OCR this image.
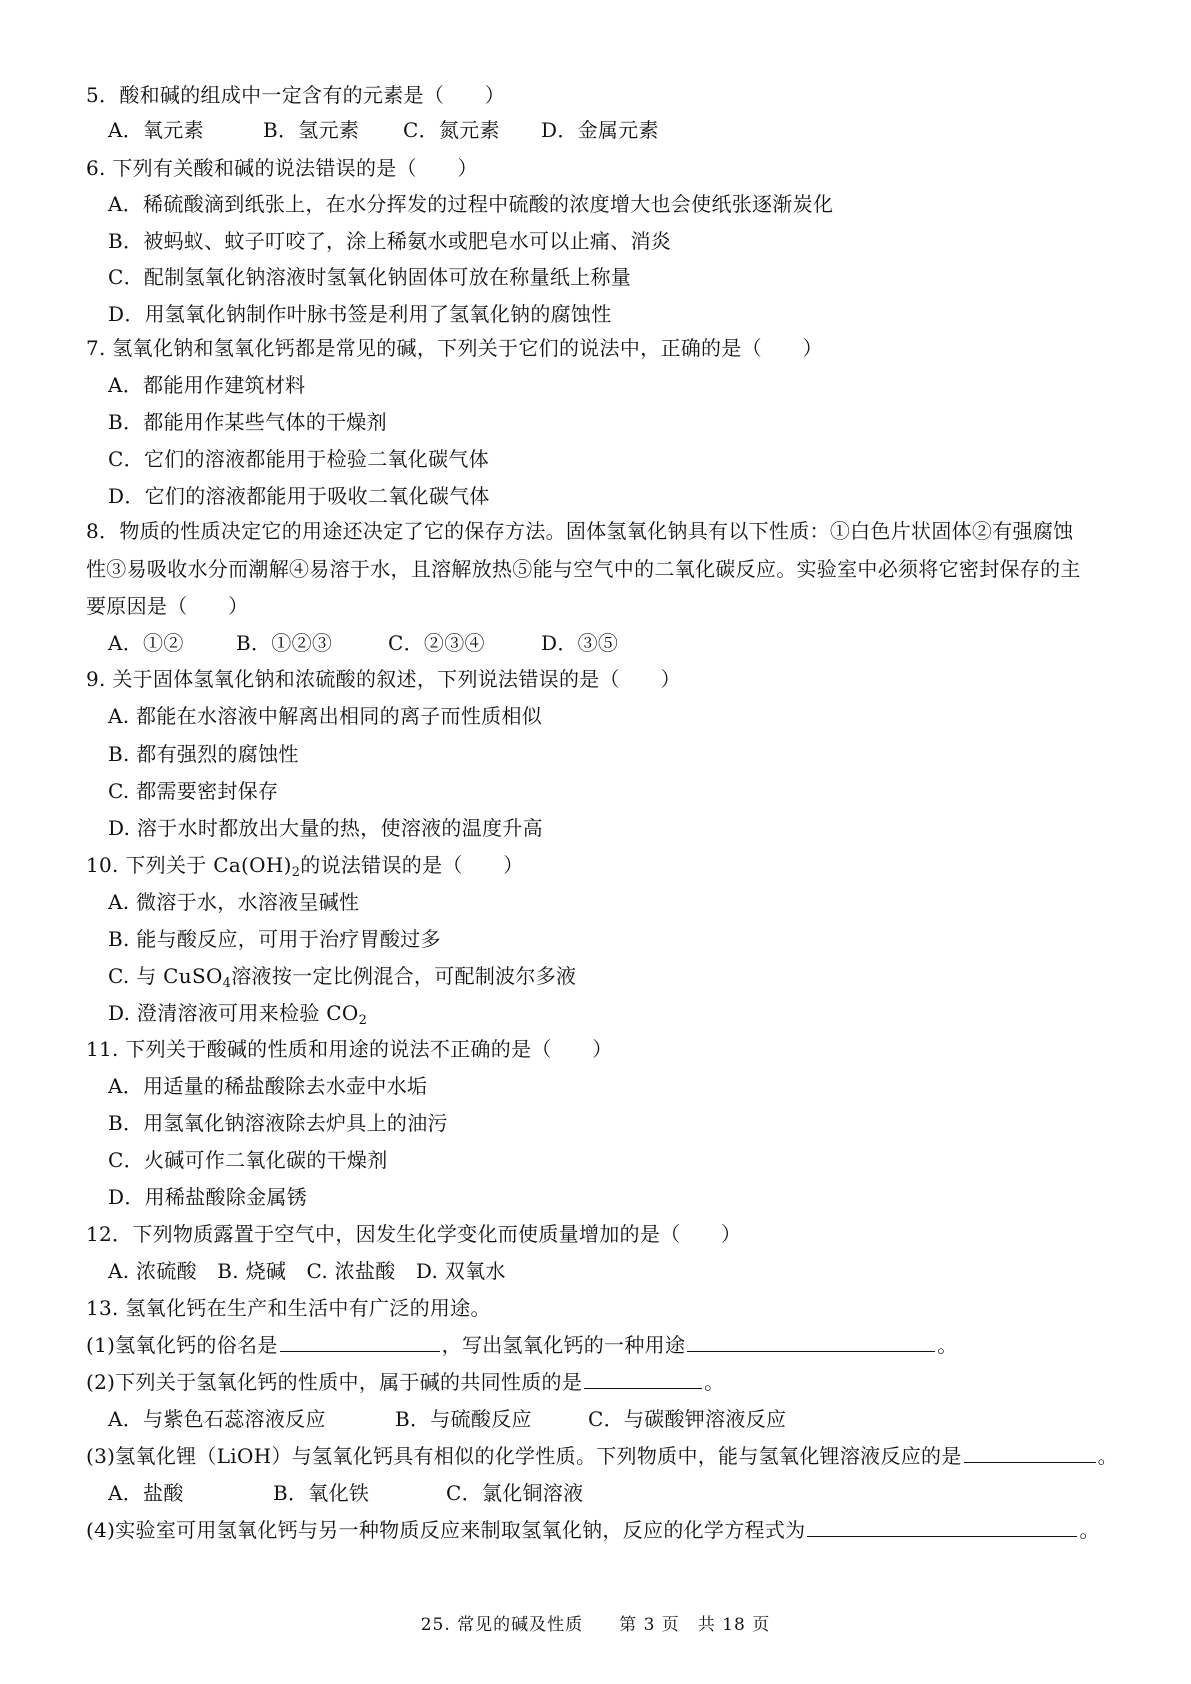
5．酸和碱的组成中一定含有的元素是（　　）
A．氧元素	B．氢元素 C．氮元素 D．金属元素
6. 下列有关酸和碱的说法错误的是（　　）
A．稀硫酸滴到纸张上，在水分挥发的过程中硫酸的浓度增大也会使纸张逐渐炭化
B．被蚂蚁、蚊子叮咬了，涂上稀氨水或肥皂水可以止痛、消炎
C．配制氢氧化钠溶液时氢氧化钠固体可放在称量纸上称量
D．用氢氧化钠制作叶脉书签是利用了氢氧化钠的腐蚀性
7. 氢氧化钠和氢氧化钙都是常见的碱，下列关于它们的说法中，正确的是（　　）
A．都能用作建筑材料
B．都能用作某些气体的干燥剂
C．它们的溶液都能用于检验二氧化碳气体
D．它们的溶液都能用于吸收二氧化碳气体
8．物质的性质决定它的用途还决定了它的保存方法。固体氢氧化钠具有以下性质：①白色片状固体②有强腐蚀
性③易吸收水分而潮解④易溶于水，且溶解放热⑤能与空气中的二氧化碳反应。实验室中必须将它密封保存的主
要原因是（　　）
A．①②	B．①②③	C．②③④	D．③⑤
9. 关于固体氢氧化钠和浓硫酸的叙述，下列说法错误的是（　　）
A. 都能在水溶液中解离出相同的离子而性质相似
B. 都有强烈的腐蚀性
C. 都需要密封保存
D. 溶于水时都放出大量的热，使溶液的温度升高
10. 下列关于 $Ca(OH)_2$的说法错误的是（　　）
A. 微溶于水，水溶液呈碱性
B. 能与酸反应，可用于治疗胃酸过多
C. 与 CuSO$_4$溶液按一定比例混合，可配制波尔多液
D. 澄清溶液可用来检验 $CO_2$
11. 下列关于酸碱的性质和用途的说法不正确的是（　　）
A．用适量的稀盐酸除去水壶中水垢
B．用氢氧化钠溶液除去炉具上的油污
C．火碱可作二氧化碳的干燥剂
D．用稀盐酸除金属锈
12．下列物质露置于空气中，因发生化学变化而使质量增加的是（　　）
A. 浓硫酸　B. 烧碱　C. 浓盐酸　D. 双氧水
13. 氢氧化钙在生产和生活中有广泛的用途。
(1)氢氧化钙的俗名是	，写出氢氧化钙的一种用途	。
(2)下列关于氢氧化钙的性质中，属于碱的共同性质的是	。
A．与紫色石蕊溶液反应	B．与硫酸反应	C．与碳酸钾溶液反应
(3)氢氧化锂（LiOH）与氢氧化钙具有相似的化学性质。下列物质中，能与氢氧化锂溶液反应的是	。
A．盐酸	B．氧化铁	C．氯化铜溶液
(4)实验室可用氢氧化钙与另一种物质反应来制取氢氧化钠，反应的化学方程式为	。
25. 常见的碱及性质　　第 3 页　共 18 页
